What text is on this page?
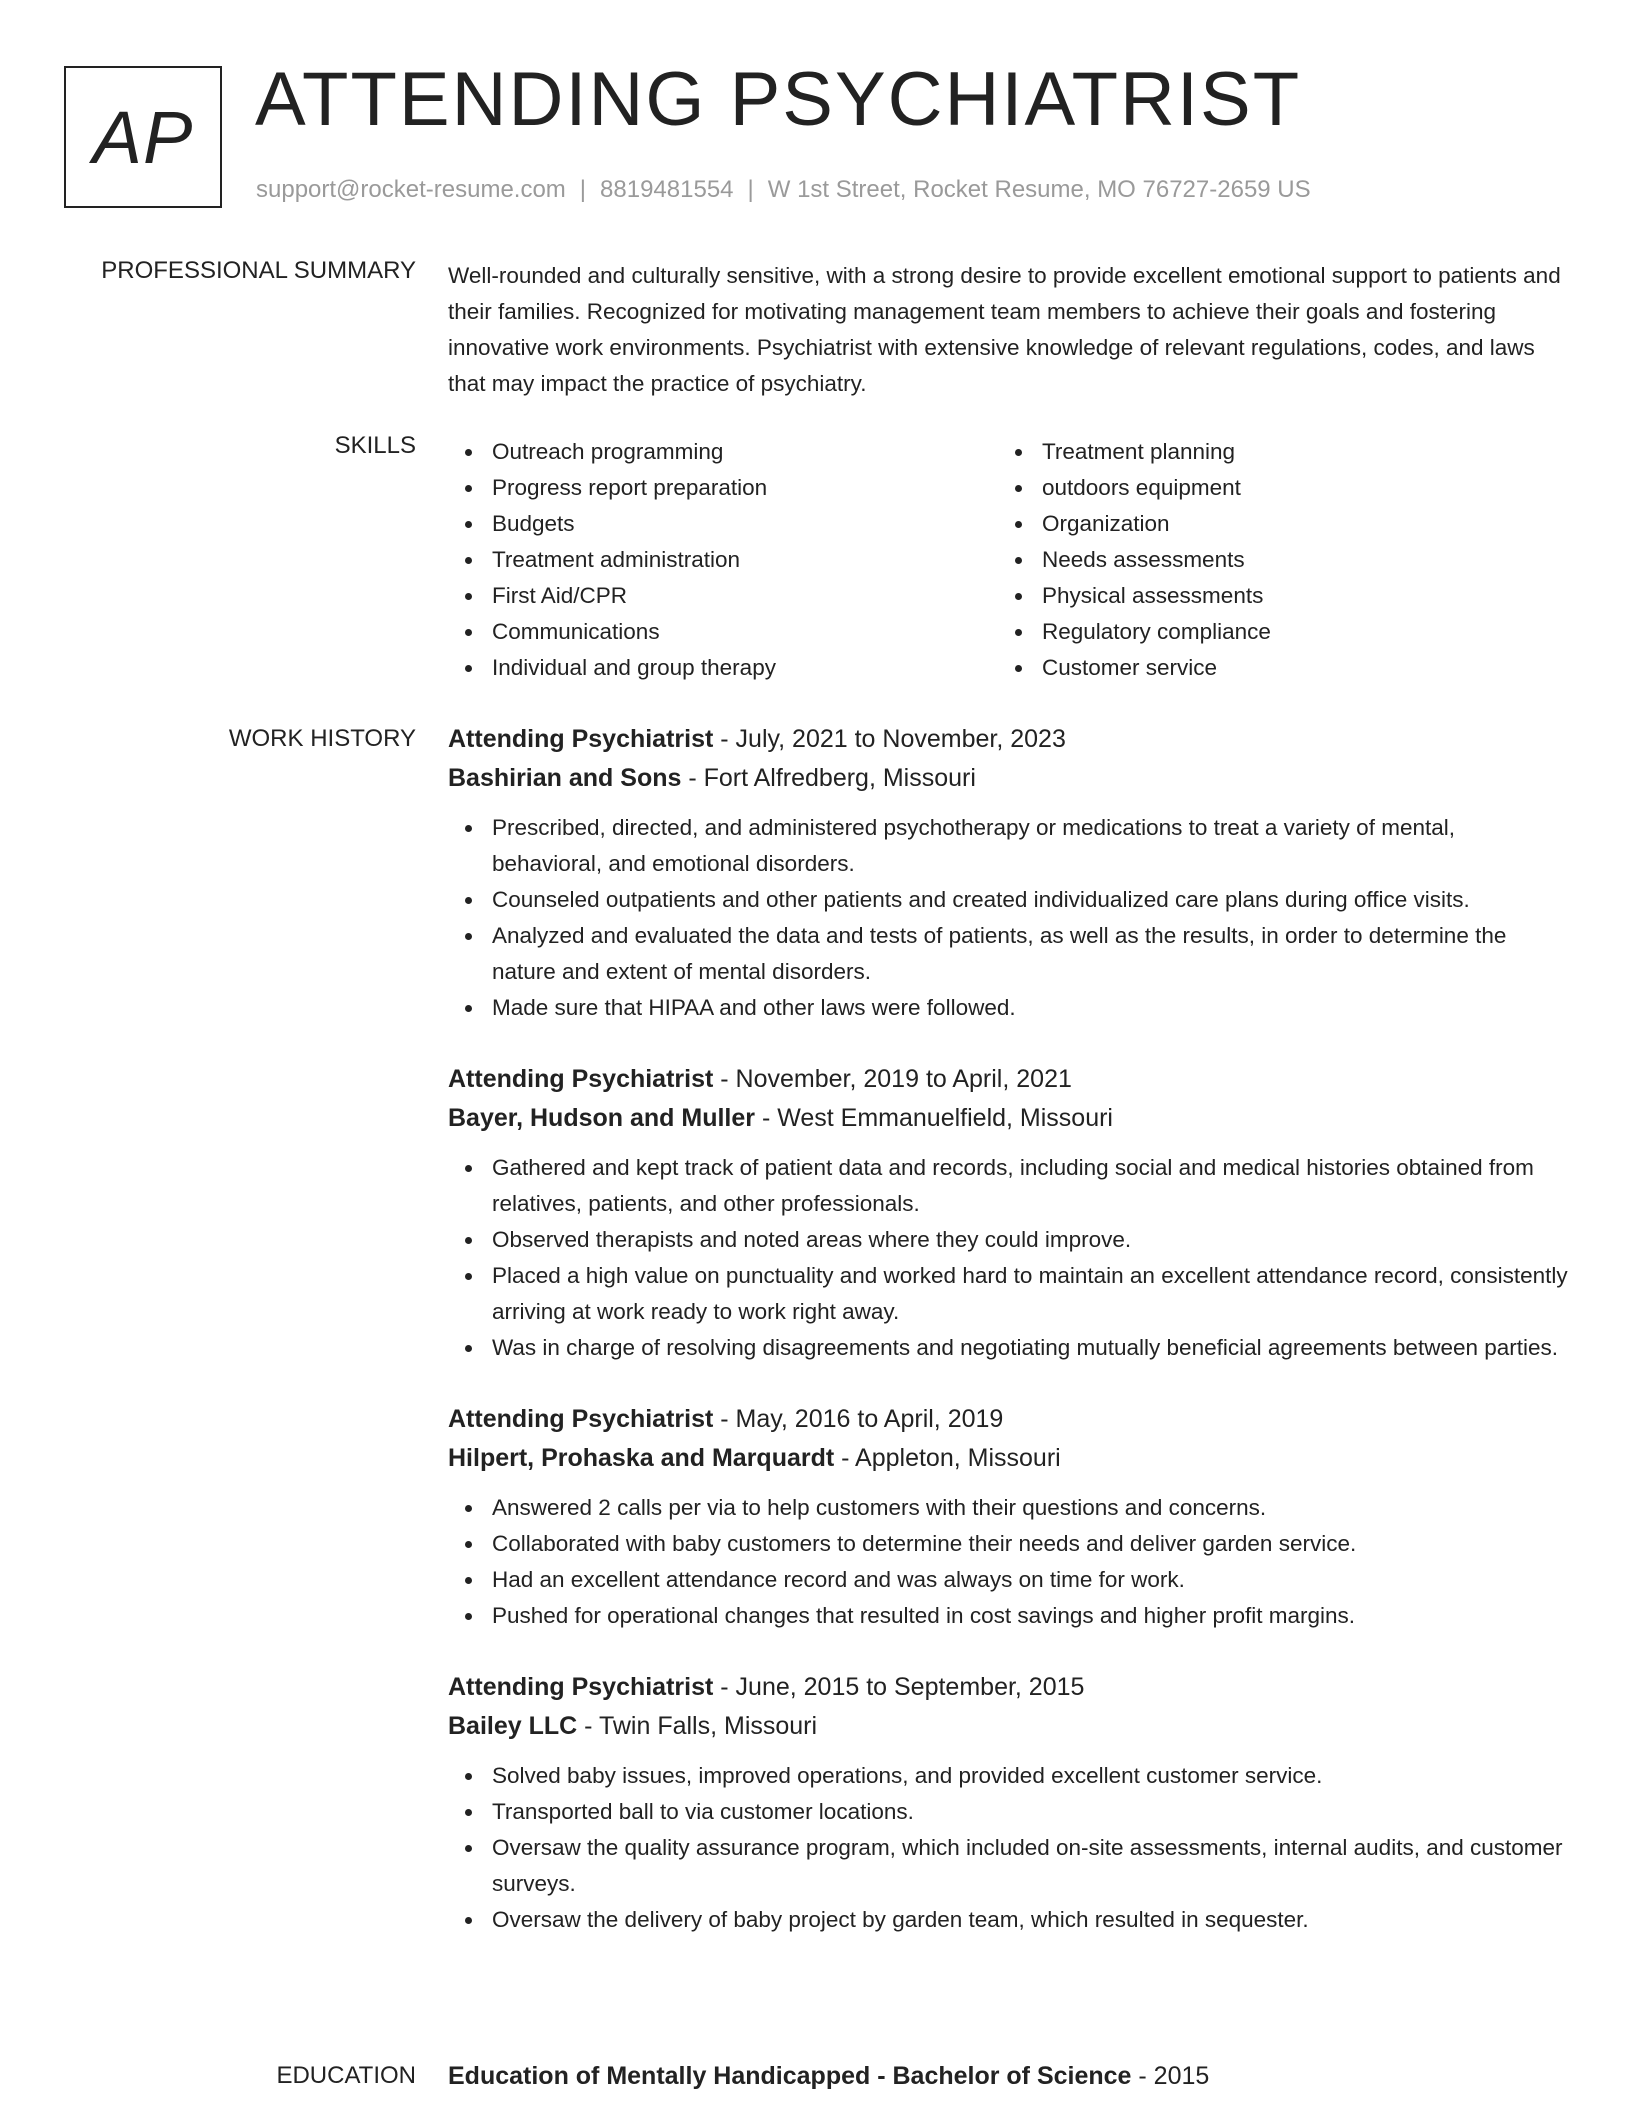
AP ATTENDING PSYCHIATRIST
support@rocket-resume.com | 8819481554 | W 1st Street, Rocket Resume, MO 76727-2659 US
PROFESSIONAL SUMMARY Well-rounded and culturally sensitive, with a strong desire to provide excellent emotional support to patients and their families. Recognized for motivating management team members to achieve their goals and fostering innovative work environments. Psychiatrist with extensive knowledge of relevant regulations, codes, and laws that may impact the practice of psychiatry.

SKILLS	Outreach programming
Progress report preparation
Budgets
Treatment administration
First Aid/CPR
Communications
Individual and group therapy
Treatment planning
outdoors equipment
Organization
Needs assessments
Physical assessments
Regulatory compliance
Customer service
WORK HISTORY Attending Psychiatrist - July, 2021 to November, 2023
Bashirian and Sons - Fort Alfredberg, Missouri
Prescribed, directed, and administered psychotherapy or medications to treat a variety of mental, behavioral, and emotional disorders.
Counseled outpatients and other patients and created individualized care plans during office visits.
Analyzed and evaluated the data and tests of patients, as well as the results, in order to determine the nature and extent of mental disorders.
Made sure that HIPAA and other laws were followed.
Attending Psychiatrist - November, 2019 to April, 2021
Bayer, Hudson and Muller - West Emmanuelfield, Missouri
Gathered and kept track of patient data and records, including social and medical histories obtained from relatives, patients, and other professionals.
Observed therapists and noted areas where they could improve.
Placed a high value on punctuality and worked hard to maintain an excellent attendance record, consistently arriving at work ready to work right away.
Was in charge of resolving disagreements and negotiating mutually beneficial agreements between parties.
Attending Psychiatrist - May, 2016 to April, 2019
Hilpert, Prohaska and Marquardt - Appleton, Missouri
Answered 2 calls per via to help customers with their questions and concerns.
Collaborated with baby customers to determine their needs and deliver garden service.
Had an excellent attendance record and was always on time for work.
Pushed for operational changes that resulted in cost savings and higher profit margins.
Attending Psychiatrist - June, 2015 to September, 2015
Bailey LLC - Twin Falls, Missouri
Solved baby issues, improved operations, and provided excellent customer service.
Transported ball to via customer locations.
Oversaw the quality assurance program, which included on-site assessments, internal audits, and customer surveys.
Oversaw the delivery of baby project by garden team, which resulted in sequester.
EDUCATION Education of Mentally Handicapped - Bachelor of Science - 2015
